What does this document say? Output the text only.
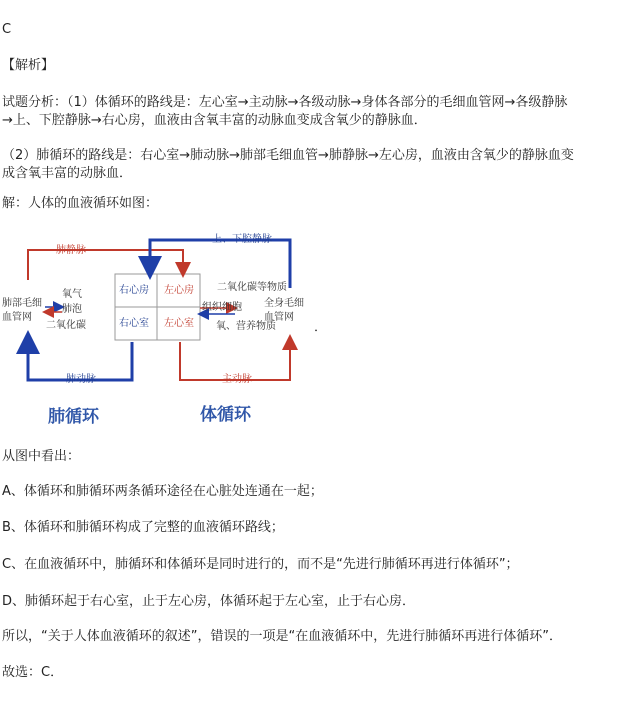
C
【解析】
试题分析：（1）体循环的路线是：左心室→主动脉→各级动脉→身体各部分的毛细血管网→各级静脉
→上、下腔静脉→右心房，血液由含氧丰富的动脉血变成含氧少的静脉血．
（2）肺循环的路线是：右心室→肺动脉→肺部毛细血管→肺静脉→左心房，血液由含氧少的静脉血变
成含氧丰富的动脉血．
解：人体的血液循环如图：
肺静脉
上、下腔静脉
右心房 左心房
右心室 左心室
氧气
肺泡
二氧化碳
肺部毛细
血管网
二氧化碳等物质
组织细胞 全身毛细
血管网
氧、营养物质
肺动脉	主动脉
肺循环	体循环
．
从图中看出：
A、体循环和肺循环两条循环途径在心脏处连通在一起；
B、体循环和肺循环构成了完整的血液循环路线；
C、在血液循环中，肺循环和体循环是同时进行的，而不是“先进行肺循环再进行体循环”；
D、肺循环起于右心室，止于左心房，体循环起于左心室，止于右心房．
所以，“关于人体血液循环的叙述”，错误的一项是“在血液循环中，先进行肺循环再进行体循环”．
故选：C．
